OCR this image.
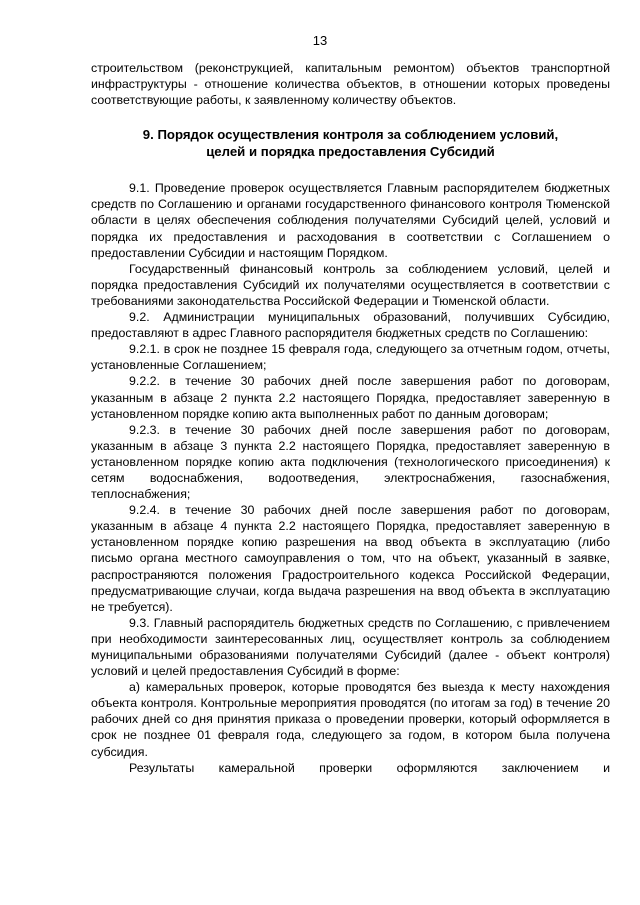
13

строительством (реконструкцией, капитальным ремонтом) объектов транспортной инфраструктуры - отношение количества объектов, в отношении которых проведены соответствующие работы, к заявленному количеству объектов.

9. Порядок осуществления контроля за соблюдением условий,

целей и порядка предоставления Субсидий

9.1. Проведение проверок осуществляется Главным распорядителем бюджетных средств по Соглашению и органами государственного финансового контроля Тюменской области в целях обеспечения соблюдения получателями Субсидий целей, условий и порядка их предоставления и расходования в соответствии с Соглашением о предоставлении Субсидии и настоящим Порядком.

Государственный финансовый контроль за соблюдением условий, целей и порядка предоставления Субсидий их получателями осуществляется в соответствии с требованиями законодательства Российской Федерации и Тюменской области.

9.2. Администрации муниципальных образований, получивших Субсидию, предоставляют в адрес Главного распорядителя бюджетных средств по Соглашению:

9.2.1. в срок не позднее 15 февраля года, следующего за отчетным годом, отчеты, установленные Соглашением;

9.2.2. в течение 30 рабочих дней после завершения работ по договорам, указанным в абзаце 2 пункта 2.2 настоящего Порядка, предоставляет заверенную в установленном порядке копию акта выполненных работ по данным договорам;

9.2.3. в течение 30 рабочих дней после завершения работ по договорам, указанным в абзаце 3 пункта 2.2 настоящего Порядка, предоставляет заверенную в установленном порядке копию акта подключения (технологического присоединения) к сетям водоснабжения, водоотведения, электроснабжения, газоснабжения, теплоснабжения;

9.2.4. в течение 30 рабочих дней после завершения работ по договорам, указанным в абзаце 4 пункта 2.2 настоящего Порядка, предоставляет заверенную в установленном порядке копию разрешения на ввод объекта в эксплуатацию (либо письмо органа местного самоуправления о том, что на объект, указанный в заявке, распространяются положения Градостроительного кодекса Российской Федерации, предусматривающие случаи, когда выдача разрешения на ввод объекта в эксплуатацию не требуется).

9.3. Главный распорядитель бюджетных средств по Соглашению, с привлечением при необходимости заинтересованных лиц, осуществляет контроль за соблюдением муниципальными образованиями получателями Субсидий (далее - объект контроля) условий и целей предоставления Субсидий в форме:

а) камеральных проверок, которые проводятся без выезда к месту нахождения объекта контроля. Контрольные мероприятия проводятся (по итогам за год) в течение 20 рабочих дней со дня принятия приказа о проведении проверки, который оформляется в срок не позднее 01 февраля года, следующего за годом, в котором была получена субсидия.

Результаты камеральной проверки оформляются заключением и
